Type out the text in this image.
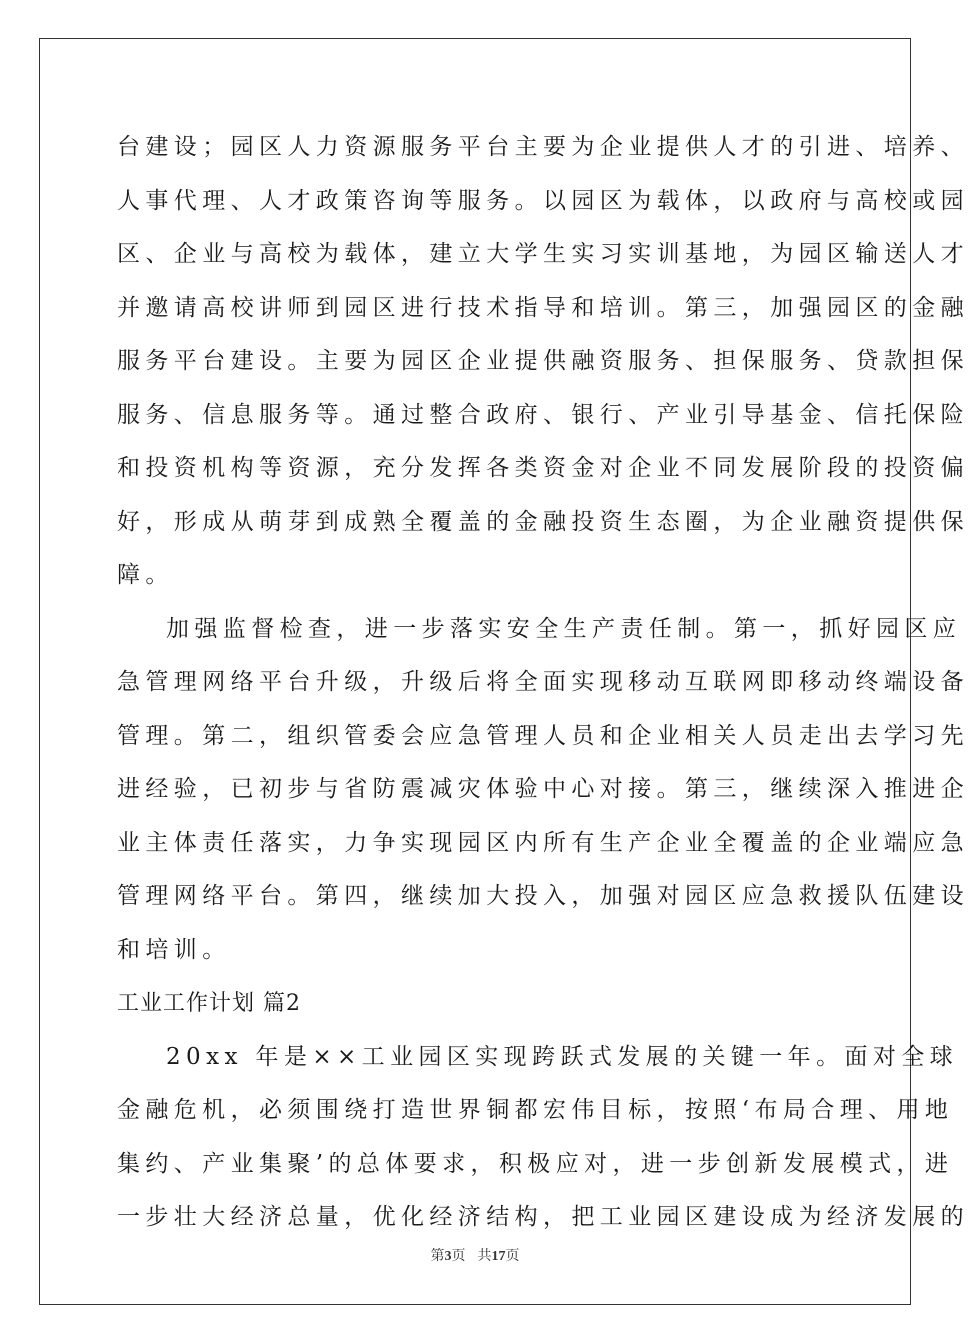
台建设；园区人力资源服务平台主要为企业提供人才的引进、培养、
人事代理、人才政策咨询等服务。以园区为载体，以政府与高校或园
区、企业与高校为载体，建立大学生实习实训基地，为园区输送人才
并邀请高校讲师到园区进行技术指导和培训。第三，加强园区的金融
服务平台建设。主要为园区企业提供融资服务、担保服务、贷款担保
服务、信息服务等。通过整合政府、银行、产业引导基金、信托保险
和投资机构等资源，充分发挥各类资金对企业不同发展阶段的投资偏
好，形成从萌芽到成熟全覆盖的金融投资生态圈，为企业融资提供保
障。
加强监督检查，进一步落实安全生产责任制。第一，抓好园区应
急管理网络平台升级，升级后将全面实现移动互联网即移动终端设备
管理。第二，组织管委会应急管理人员和企业相关人员走出去学习先
进经验，已初步与省防震减灾体验中心对接。第三，继续深入推进企
业主体责任落实，力争实现园区内所有生产企业全覆盖的企业端应急
管理网络平台。第四，继续加大投入，加强对园区应急救援队伍建设
和培训。
工业工作计划 篇2
20xx 年是××工业园区实现跨跃式发展的关键一年。面对全球
金融危机，必须围绕打造世界铜都宏伟目标，按照‘布局合理、用地
集约、产业集聚’的总体要求，积极应对，进一步创新发展模式，进
一步壮大经济总量，优化经济结构，把工业园区建设成为经济发展的
第3页 共17页
